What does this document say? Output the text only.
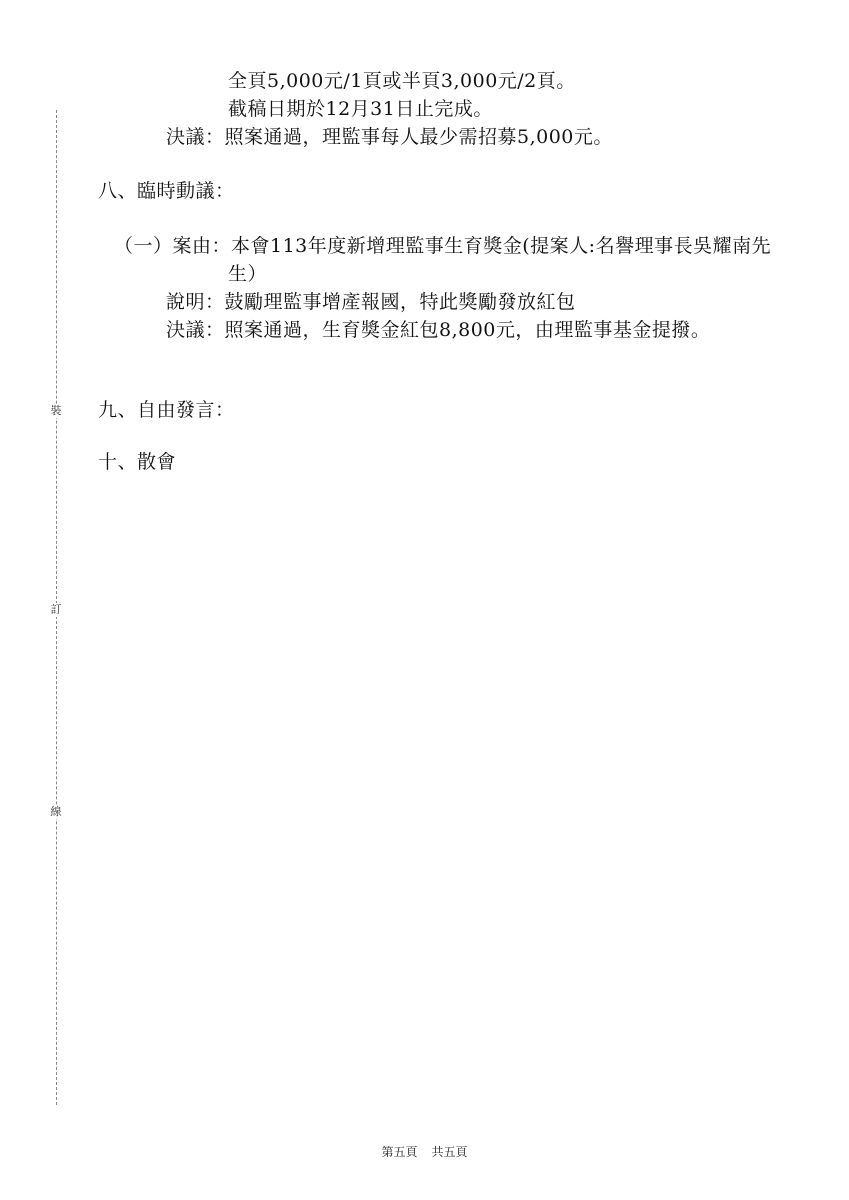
裝
訂
線
全頁5,000元/1頁或半頁3,000元/2頁。
截稿日期於12月31日止完成。
決議：照案通過，理監事每人最少需招募5,000元。
八、臨時動議：
（一）案由：本會113年度新增理監事生育獎金(提案人:名譽理事長吳耀南先
生）
說明：鼓勵理監事增產報國，特此獎勵發放紅包
決議：照案通過，生育獎金紅包8,800元，由理監事基金提撥。
九、自由發言：
十、散會
第五頁 共五頁
